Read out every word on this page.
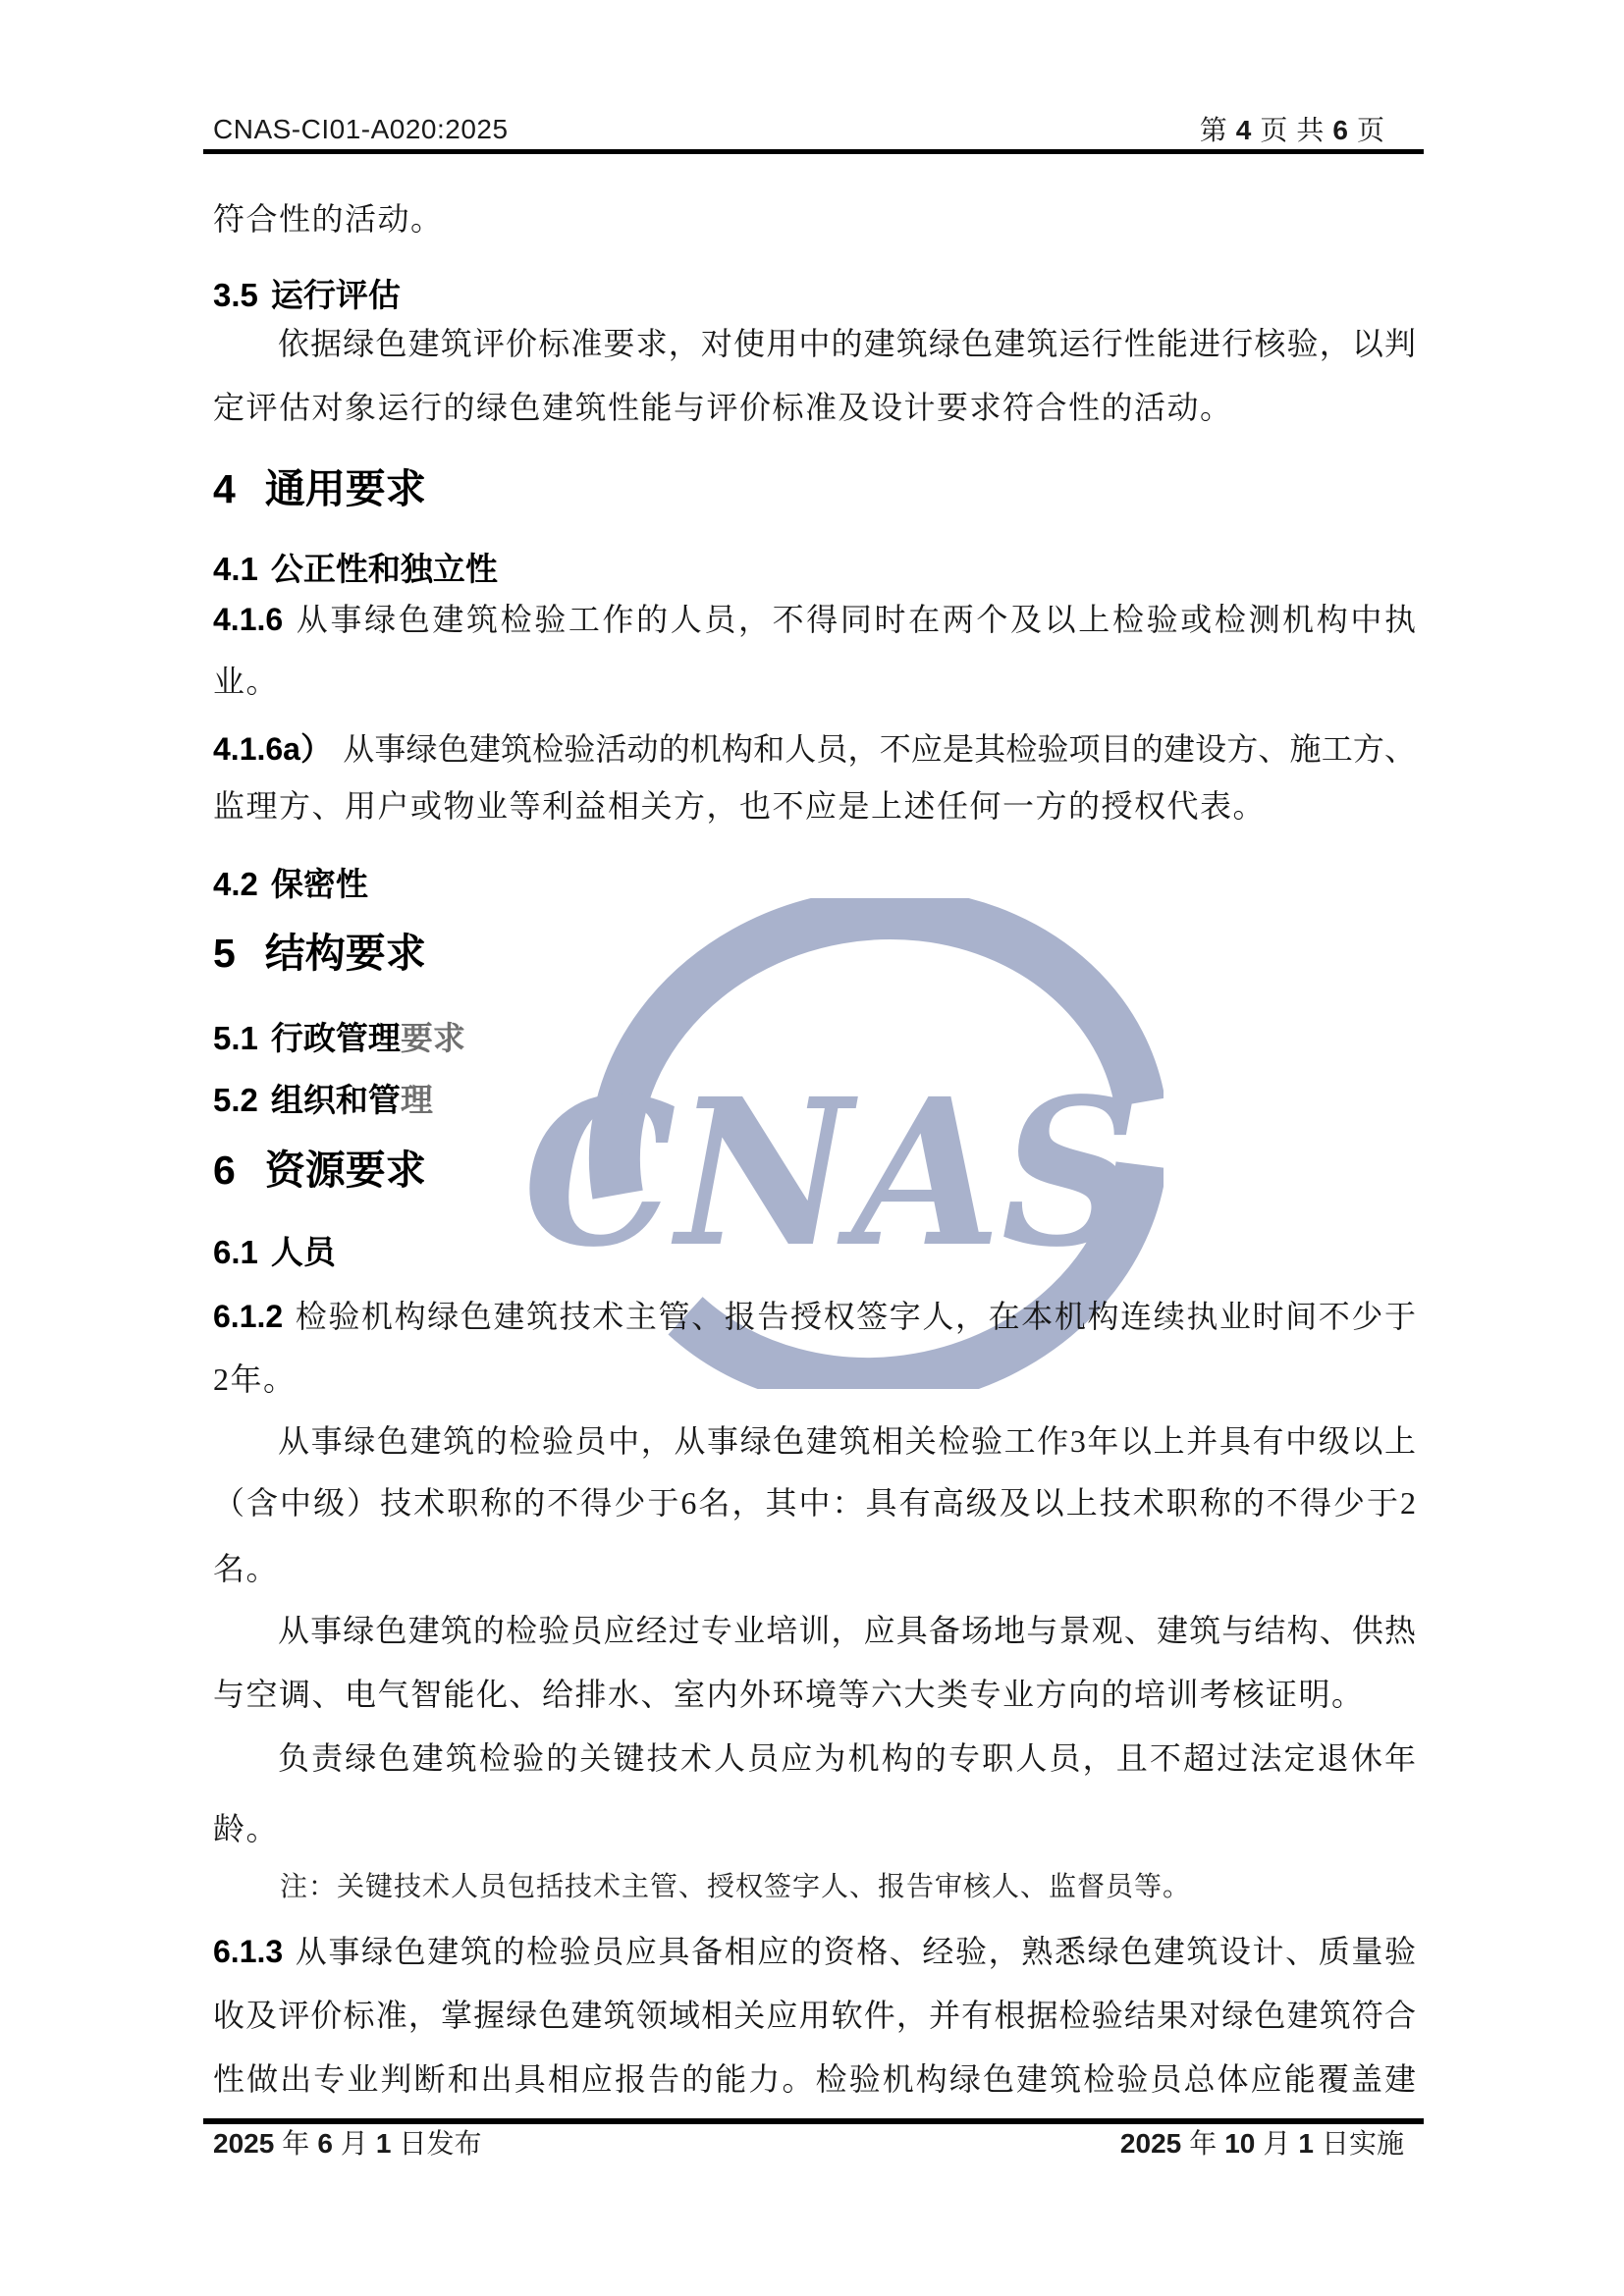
CNAS
CNAS-CI01-A020:2025	第 4 页 共 6 页
符合性的活动。
3.5 运行评估
依据绿色建筑评价标准要求，对使用中的建筑绿色建筑运行性能进行核验，以判
定评估对象运行的绿色建筑性能与评价标准及设计要求符合性的活动。
4 通用要求
4.1 公正性和独立性
4.1.6 从事绿色建筑检验工作的人员，不得同时在两个及以上检验或检测机构中执
业。
4.1.6a） 从事绿色建筑检验活动的机构和人员，不应是其检验项目的建设方、施工方、
监理方、用户或物业等利益相关方，也不应是上述任何一方的授权代表。
4.2 保密性
5 结构要求
5.1 行政管理要求
5.2 组织和管理
6 资源要求
6.1 人员
6.1.2 检验机构绿色建筑技术主管、报告授权签字人，在本机构连续执业时间不少于
2年。
从事绿色建筑的检验员中，从事绿色建筑相关检验工作3年以上并具有中级以上
（含中级）技术职称的不得少于6名，其中：具有高级及以上技术职称的不得少于2
名。
从事绿色建筑的检验员应经过专业培训，应具备场地与景观、建筑与结构、供热
与空调、电气智能化、给排水、室内外环境等六大类专业方向的培训考核证明。
负责绿色建筑检验的关键技术人员应为机构的专职人员，且不超过法定退休年
龄。
注：关键技术人员包括技术主管、授权签字人、报告审核人、监督员等。
6.1.3 从事绿色建筑的检验员应具备相应的资格、经验，熟悉绿色建筑设计、质量验
收及评价标准，掌握绿色建筑领域相关应用软件，并有根据检验结果对绿色建筑符合
性做出专业判断和出具相应报告的能力。检验机构绿色建筑检验员总体应能覆盖建
2025 年 6 月 1 日发布	2025 年 10 月 1 日实施
